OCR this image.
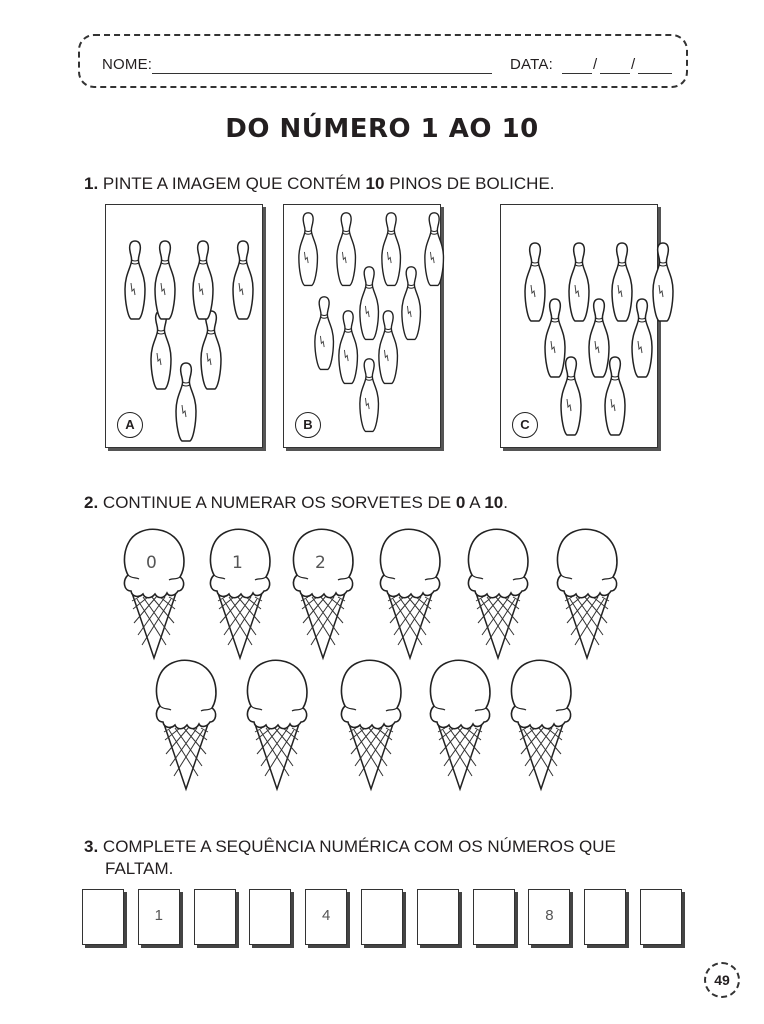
NOME:	DATA:	/ /
DO NÚMERO 1 AO 10
1. PINTE A IMAGEM QUE CONTÉM 10 PINOS DE BOLICHE.
A	B	C
2. CONTINUE A NUMERAR OS SORVETES DE 0 A 10.
0	1	2
3. COMPLETE A SEQUÊNCIA NUMÉRICA COM OS NÚMEROS QUE
FALTAM.
1	4	8
49
